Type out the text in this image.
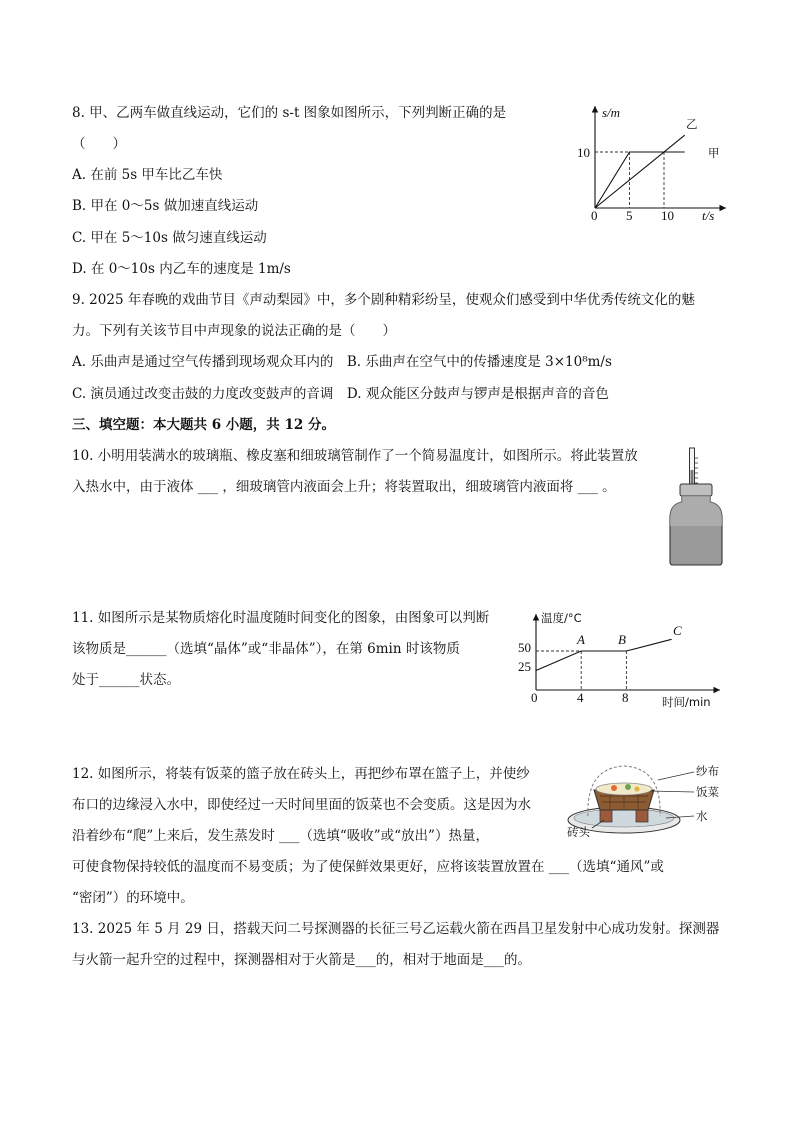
8. 甲、乙两车做直线运动，它们的 s-t 图象如图所示，下列判断正确的是
（　　）
A. 在前 5s 甲车比乙车快
B. 甲在 0～5s 做加速直线运动
C. 甲在 5～10s 做匀速直线运动
D. 在 0～10s 内乙车的速度是 1m/s
s/m
t/s
0
10
5 10
甲
乙
9. 2025 年春晚的戏曲节目《声动梨园》中，多个剧种精彩纷呈，使观众们感受到中华优秀传统文化的魅
力。下列有关该节目中声现象的说法正确的是（　　）
A. 乐曲声是通过空气传播到现场观众耳内的　B. 乐曲声在空气中的传播速度是 3×10⁸m/s
C. 演员通过改变击鼓的力度改变鼓声的音调　D. 观众能区分鼓声与锣声是根据声音的音色
三、填空题：本大题共 6 小题，共 12 分。
10. 小明用装满水的玻璃瓶、橡皮塞和细玻璃管制作了一个简易温度计，如图所示。将此装置放
入热水中，由于液体 ___ ，细玻璃管内液面会上升；将装置取出，细玻璃管内液面将 ___ 。
11. 如图所示是某物质熔化时温度随时间变化的图象，由图象可以判断
该物质是______（选填“晶体”或“非晶体”），在第 6min 时该物质
处于______状态。
温度/°C
时间/min
0
50
25
4	8
A	B
C
12. 如图所示，将装有饭菜的篮子放在砖头上，再把纱布罩在篮子上，并使纱
布口的边缘浸入水中，即使经过一天时间里面的饭菜也不会变质。这是因为水
沿着纱布“爬”上来后，发生蒸发时 ___（选填“吸收”或“放出”）热量，
可使食物保持较低的温度而不易变质；为了使保鲜效果更好，应将该装置放置在 ___（选填“通风”或
“密闭”）的环境中。
纱布
饭菜
水
砖头
13. 2025 年 5 月 29 日，搭载天问二号探测器的长征三号乙运载火箭在西昌卫星发射中心成功发射。探测器
与火箭一起升空的过程中，探测器相对于火箭是___的，相对于地面是___的。
